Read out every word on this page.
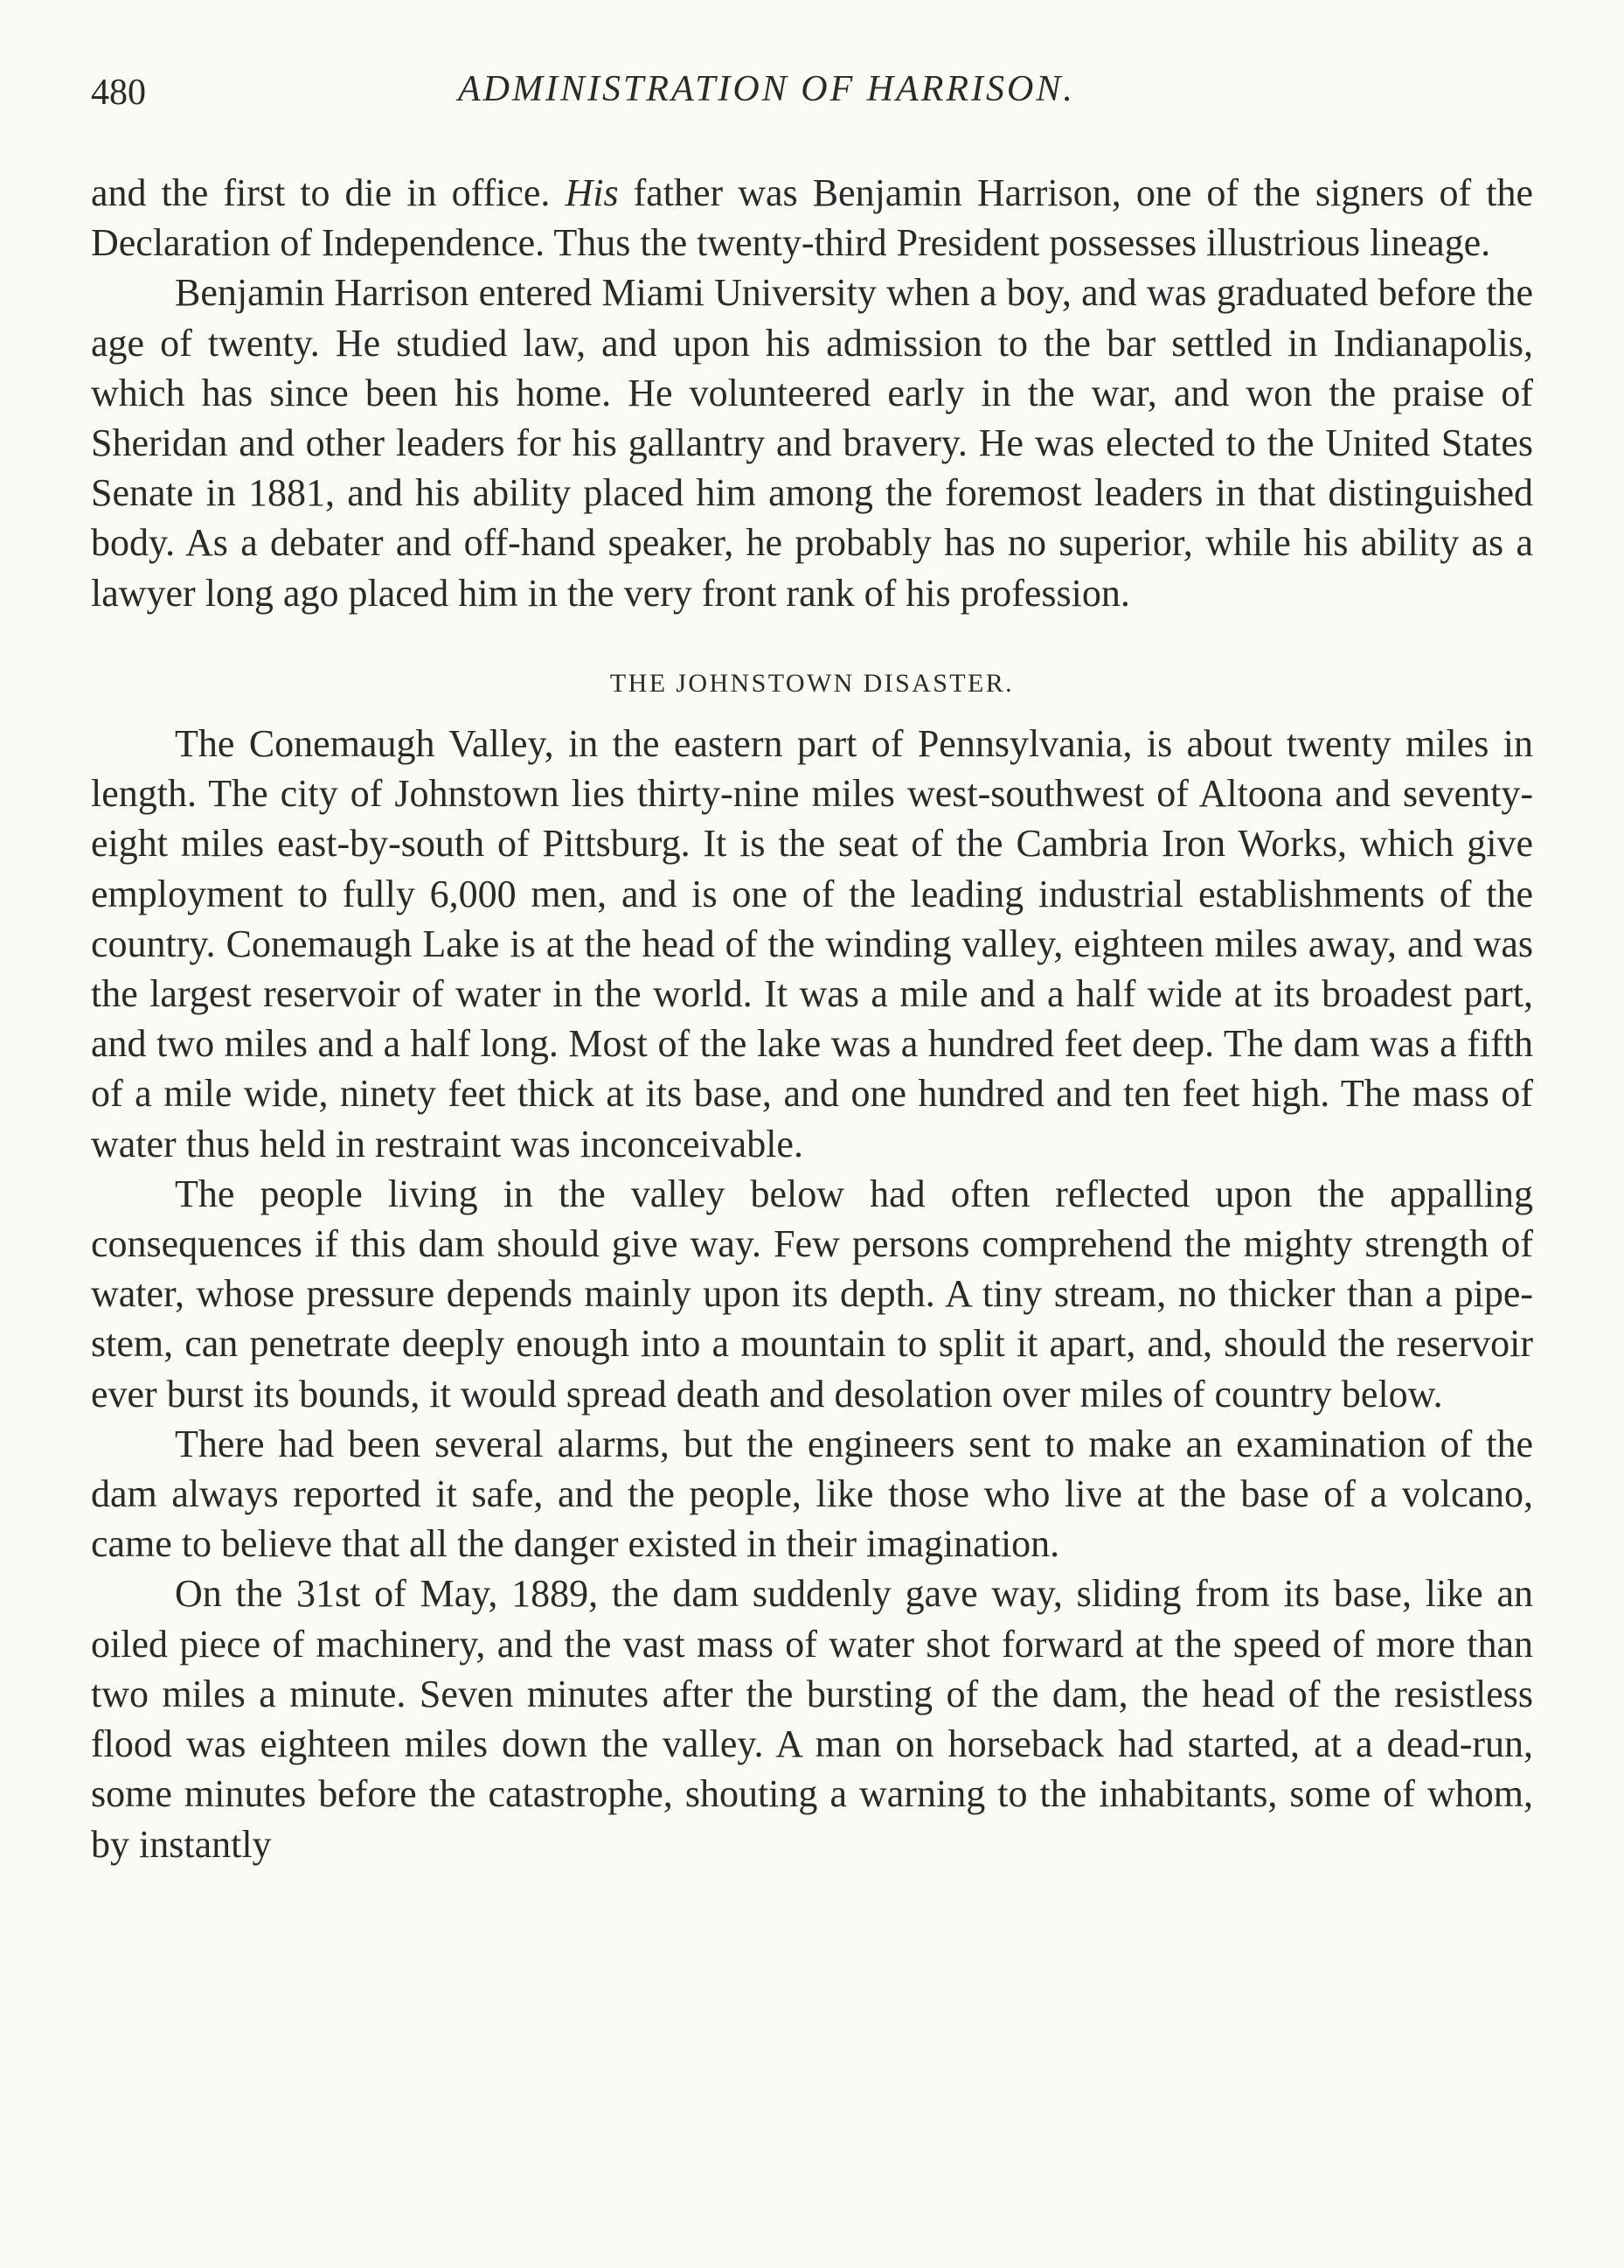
480	ADMINISTRATION OF HARRISON.

and the first to die in office. His father was Benjamin Harrison, one of the signers of the Declaration of Independence. Thus the twenty-third President possesses illustrious lineage.

Benjamin Harrison entered Miami University when a boy, and was graduated before the age of twenty. He studied law, and upon his admission to the bar settled in Indianapolis, which has since been his home. He volunteered early in the war, and won the praise of Sheridan and other leaders for his gallantry and bravery. He was elected to the United States Senate in 1881, and his ability placed him among the foremost leaders in that distinguished body. As a debater and off-hand speaker, he probably has no superior, while his ability as a lawyer long ago placed him in the very front rank of his profession.

THE JOHNSTOWN DISASTER.

The Conemaugh Valley, in the eastern part of Pennsylvania, is about twenty miles in length. The city of Johnstown lies thirty-nine miles west-southwest of Altoona and seventy-eight miles east-by-south of Pittsburg. It is the seat of the Cambria Iron Works, which give employment to fully 6,000 men, and is one of the leading industrial establishments of the country. Conemaugh Lake is at the head of the winding valley, eighteen miles away, and was the largest reservoir of water in the world. It was a mile and a half wide at its broadest part, and two miles and a half long. Most of the lake was a hundred feet deep. The dam was a fifth of a mile wide, ninety feet thick at its base, and one hundred and ten feet high. The mass of water thus held in restraint was inconceivable.

The people living in the valley below had often reflected upon the appalling consequences if this dam should give way. Few persons comprehend the mighty strength of water, whose pressure depends mainly upon its depth. A tiny stream, no thicker than a pipe-stem, can penetrate deeply enough into a mountain to split it apart, and, should the reservoir ever burst its bounds, it would spread death and desolation over miles of country below.

There had been several alarms, but the engineers sent to make an examination of the dam always reported it safe, and the people, like those who live at the base of a volcano, came to believe that all the danger existed in their imagination.

On the 31st of May, 1889, the dam suddenly gave way, sliding from its base, like an oiled piece of machinery, and the vast mass of water shot forward at the speed of more than two miles a minute. Seven minutes after the bursting of the dam, the head of the resistless flood was eighteen miles down the valley. A man on horseback had started, at a dead-run, some minutes before the catastrophe, shouting a warning to the inhabitants, some of whom, by instantly
